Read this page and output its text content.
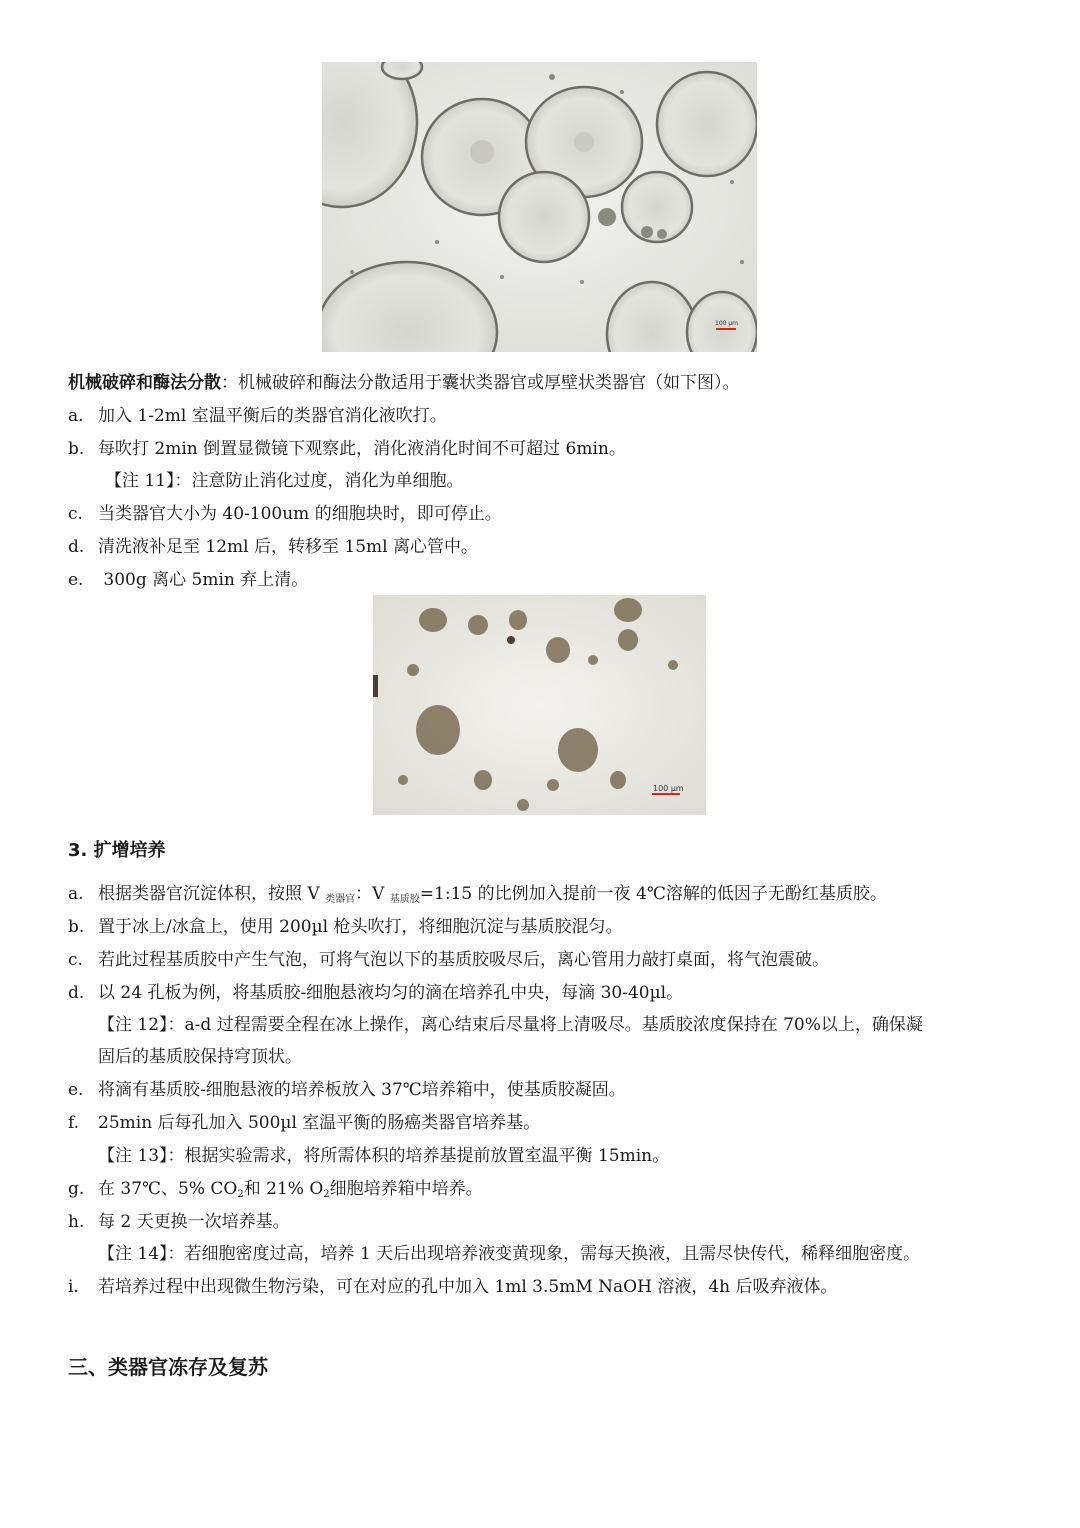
100 µm
机械破碎和酶法分散：机械破碎和酶法分散适用于囊状类器官或厚壁状类器官（如下图）。
a. 加入 1-2ml 室温平衡后的类器官消化液吹打。
b. 每吹打 2min 倒置显微镜下观察此，消化液消化时间不可超过 6min。
【注 11】：注意防止消化过度，消化为单细胞。
c. 当类器官大小为 40-100um 的细胞块时，即可停止。
d. 清洗液补足至 12ml 后，转移至 15ml 离心管中。
e. 300g 离心 5min 弃上清。
100 µm
3. 扩增培养
a. 根据类器官沉淀体积，按照 V $_{类器官}$：V $_{基质胶}$=1:15 的比例加入提前一夜 4℃溶解的低因子无酚红基质胶。
b. 置于冰上/冰盒上，使用 200µl 枪头吹打，将细胞沉淀与基质胶混匀。
c. 若此过程基质胶中产生气泡，可将气泡以下的基质胶吸尽后，离心管用力敲打桌面，将气泡震破。
d. 以 24 孔板为例，将基质胶-细胞悬液均匀的滴在培养孔中央，每滴 30-40µl。
【注 12】：a-d 过程需要全程在冰上操作，离心结束后尽量将上清吸尽。基质胶浓度保持在 70%以上，确保凝
固后的基质胶保持穹顶状。
e. 将滴有基质胶-细胞悬液的培养板放入 37℃培养箱中，使基质胶凝固。
f. 25min 后每孔加入 500µl 室温平衡的肠癌类器官培养基。
【注 13】：根据实验需求，将所需体积的培养基提前放置室温平衡 15min。
g. 在 37℃、5% $CO_2$和 21% $O_2$细胞培养箱中培养。
h. 每 2 天更换一次培养基。
【注 14】：若细胞密度过高，培养 1 天后出现培养液变黄现象，需每天换液，且需尽快传代，稀释细胞密度。
i. 若培养过程中出现微生物污染，可在对应的孔中加入 1ml 3.5mM NaOH 溶液，4h 后吸弃液体。
三、类器官冻存及复苏
